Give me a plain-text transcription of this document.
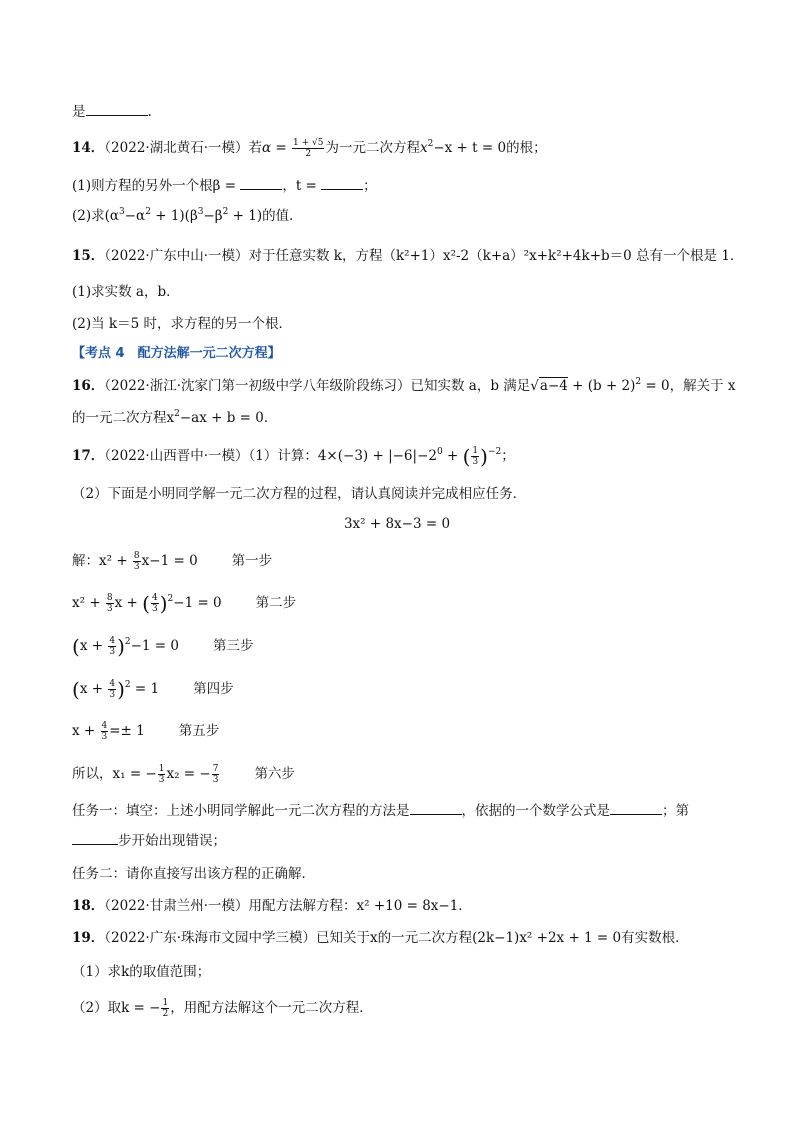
是	.
14．（2022·湖北黄石·一模）若$\alpha = \frac{1 + √5}{2}$ 为一元二次方程$x^2-x + t = 0$的根；
(1)则方程的另外一个根β =	，t =	；
(2)求$(\alpha^3-\alpha^2 + 1)(\beta^3-\beta^2 + 1)$的值．
15．（2022·广东中山·一模）对于任意实数 k，方程（k²+1）x²-2（k+a）²x+k²+4k+b＝0 总有一个根是 1．
(1)求实数 a，b．
(2)当 k＝5 时，求方程的另一个根．
【考点 4　配方法解一元二次方程】
16．（2022·浙江·沈家门第一初级中学八年级阶段练习）已知实数 a，b 满足$√a-4 + (b + 2)^2 = 0$，解关于 x
的一元二次方程$x^2-ax + b = 0$．
17．（2022·山西晋中·一模）（1）计算：$4\times(-3) + |-6|-2^0$ + ( $\frac{1}{3} )^{-2}$；
（2）下面是小明同学解一元二次方程的过程，请认真阅读并完成相应任务．
3x² + 8x−3 = 0
解：$x^2 + \frac{8}{3} x-1 = 0$	第一步
$x^2 + \frac{8}{3}$ x + ( $\frac{4}{3} )^2-1 = 0$	第二步
$(x + \frac{4}{3} )^2-1 = 0$	第三步
$(x + \frac{4}{3} )^2 = 1$	第四步
$x + \frac{4}{3} =\pm 1$	第五步
所以，x₁ = − $\frac{1}{3} x_2$ = − $\frac{7}{3}$	第六步
任务一：填空：上述小明同学解此一元二次方程的方法是	，依据的一个数学公式是	；第
步开始出现错误；
任务二：请你直接写出该方程的正确解．
18．（2022·甘肃兰州·一模）用配方法解方程：x² +10 = 8x−1．
19．（2022·广东·珠海市文园中学三模）已知关于x的一元二次方程(2k−1)x² +2x + 1 = 0有实数根．
（1）求k的取值范围；
（2）取k = − $\frac{1}{2}$ ，用配方法解这个一元二次方程．
